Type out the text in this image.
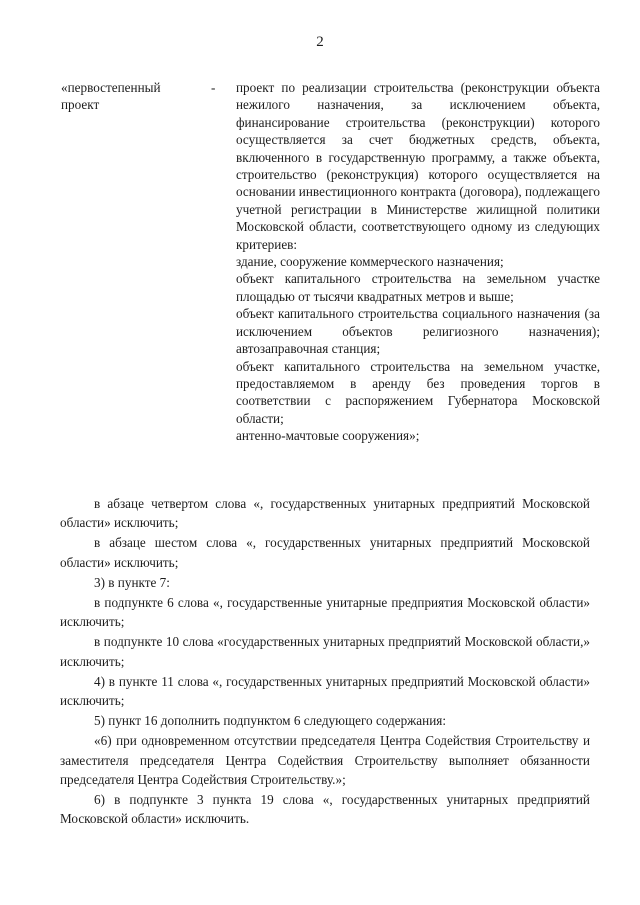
2
«первостепенный проект
- проект по реализации строительства (реконструкции объекта нежилого назначения, за исключением объекта, финансирование строительства (реконструкции) которого осуществляется за счет бюджетных средств, объекта, включенного в государственную программу, а также объекта, строительство (реконструкция) которого осуществляется на основании инвестиционного контракта (договора), подлежащего учетной регистрации в Министерстве жилищной политики Московской области, соответствующего одному из следующих критериев:

здание, сооружение коммерческого назначения;

объект капитального строительства на земельном участке площадью от тысячи квадратных метров и выше;

объект капитального строительства социального назначения (за исключением объектов религиозного назначения); автозаправочная станция;

объект капитального строительства на земельном участке, предоставляемом в аренду без проведения торгов в соответствии с распоряжением Губернатора Московской области;

антенно-мачтовые сооружения»;

в абзаце четвертом слова «, государственных унитарных предприятий Московской области» исключить;

в абзаце шестом слова «, государственных унитарных предприятий Московской области» исключить;

3) в пункте 7:

в подпункте 6 слова «, государственные унитарные предприятия Московской области» исключить;

в подпункте 10 слова «государственных унитарных предприятий Московской области,» исключить;

4) в пункте 11 слова «, государственных унитарных предприятий Московской области» исключить;

5) пункт 16 дополнить подпунктом 6 следующего содержания:

«6) при одновременном отсутствии председателя Центра Содействия Строительству и заместителя председателя Центра Содействия Строительству выполняет обязанности председателя Центра Содействия Строительству.»;

6) в подпункте 3 пункта 19 слова «, государственных унитарных предприятий Московской области» исключить.
